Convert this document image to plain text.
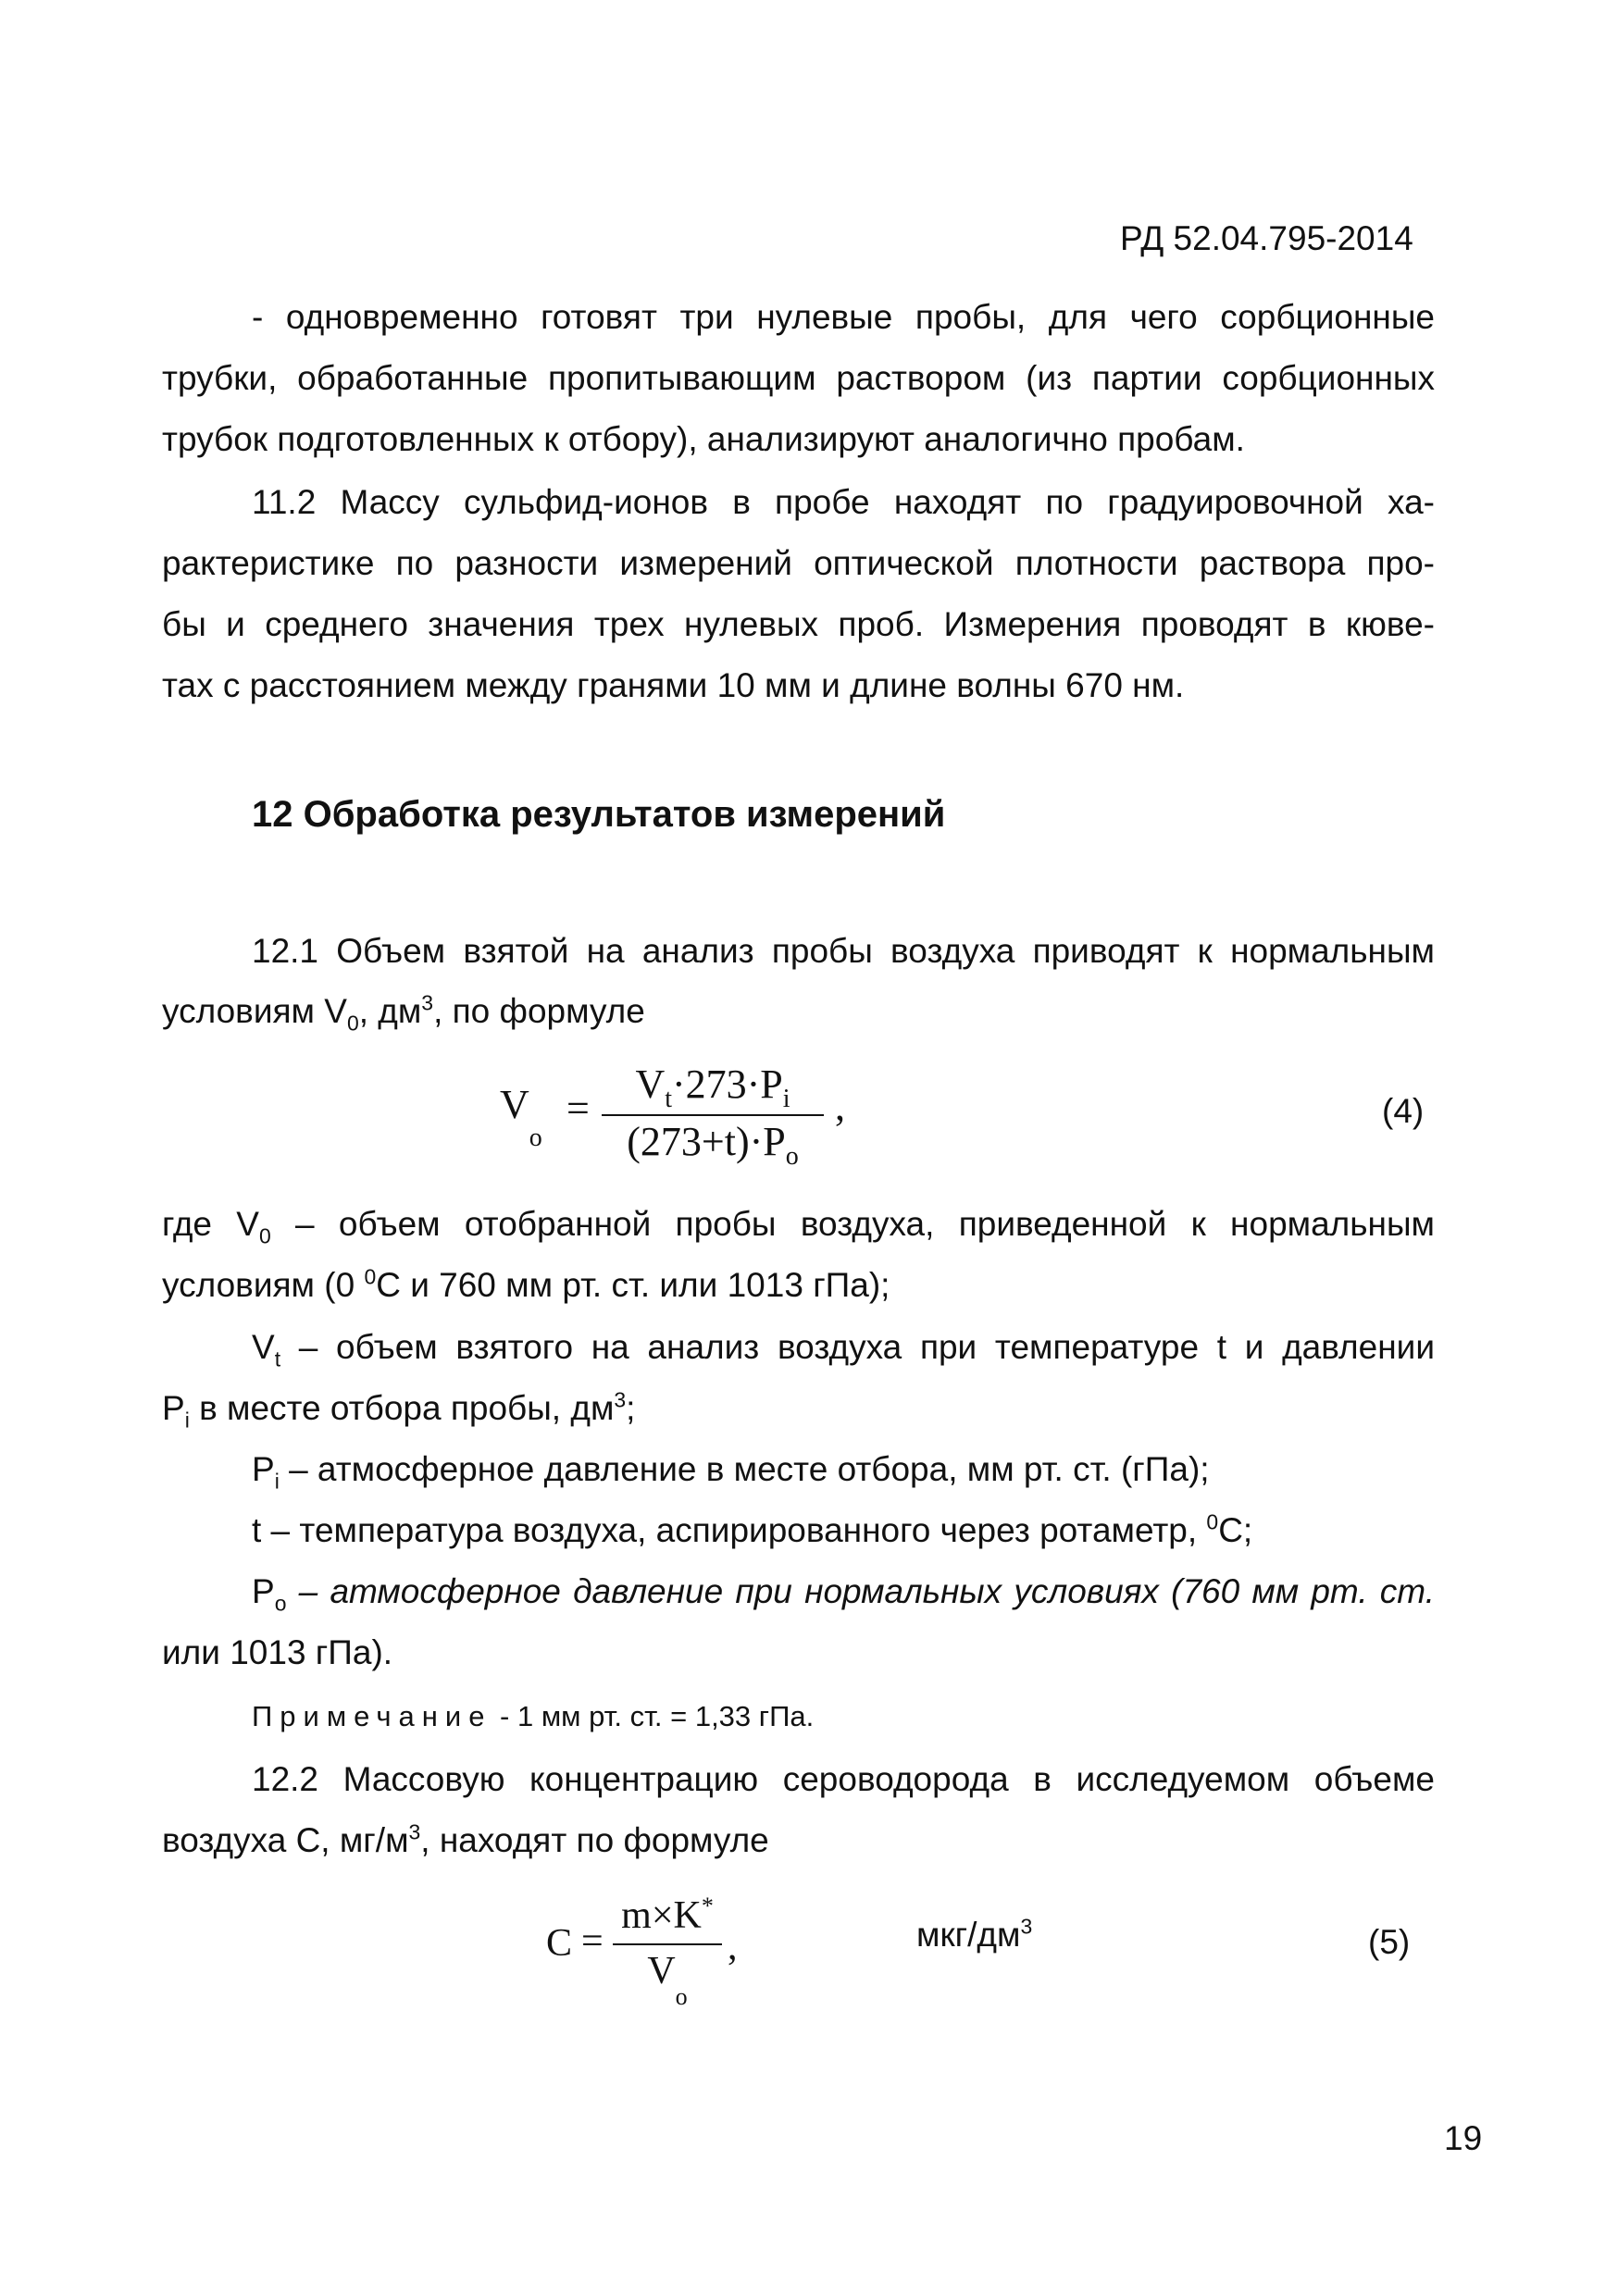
РД 52.04.795-2014
- одновременно готовят три нулевые пробы, для чего сорбционные
трубки, обработанные пропитывающим раствором (из партии сорбционных
трубок подготовленных к отбору), анализируют аналогично пробам.
11.2 Массу сульфид-ионов в пробе находят по градуировочной ха-
рактеристике по разности измерений оптической плотности раствора про-
бы и среднего значения трех нулевых проб. Измерения проводят в кюве-
тах с расстоянием между гранями 10 мм и длине волны 670 нм.
12 Обработка результатов измерений
12.1 Объем взятой на анализ пробы воздуха приводят к нормальным
условиям $V_0$, $дм^3$, по формуле
$V_o$
=
$V_t\cdot 273\cdot P_i$
$(273+t)\cdot P_o$
,	(4)
где $V_0$ – объем отобранной пробы воздуха, приведенной к нормальным
условиям (0 $^0$С и 760 мм рт. ст. или 1013 гПа);
$V_t$ – объем взятого на анализ воздуха при температуре t и давлении
$P_i$ в месте отбора пробы, $дм^3$;
$P_i$ – атмосферное давление в месте отбора, мм рт. ст. (гПа);
t – температура воздуха, аспирированного через ротаметр, $^0$С;
$P_o$ – атмосферное давление при нормальных условиях (760 мм рт. ст.
или 1013 гПа).
Примечание - 1 мм рт. ст. = 1,33 гПа.
12.2 Массовую концентрацию сероводорода в исследуемом объеме
воздуха С, $мг/м^3$, находят по формуле
C =
m×K*
$V_o$
,	мкг/$дм^3$	(5)
19
